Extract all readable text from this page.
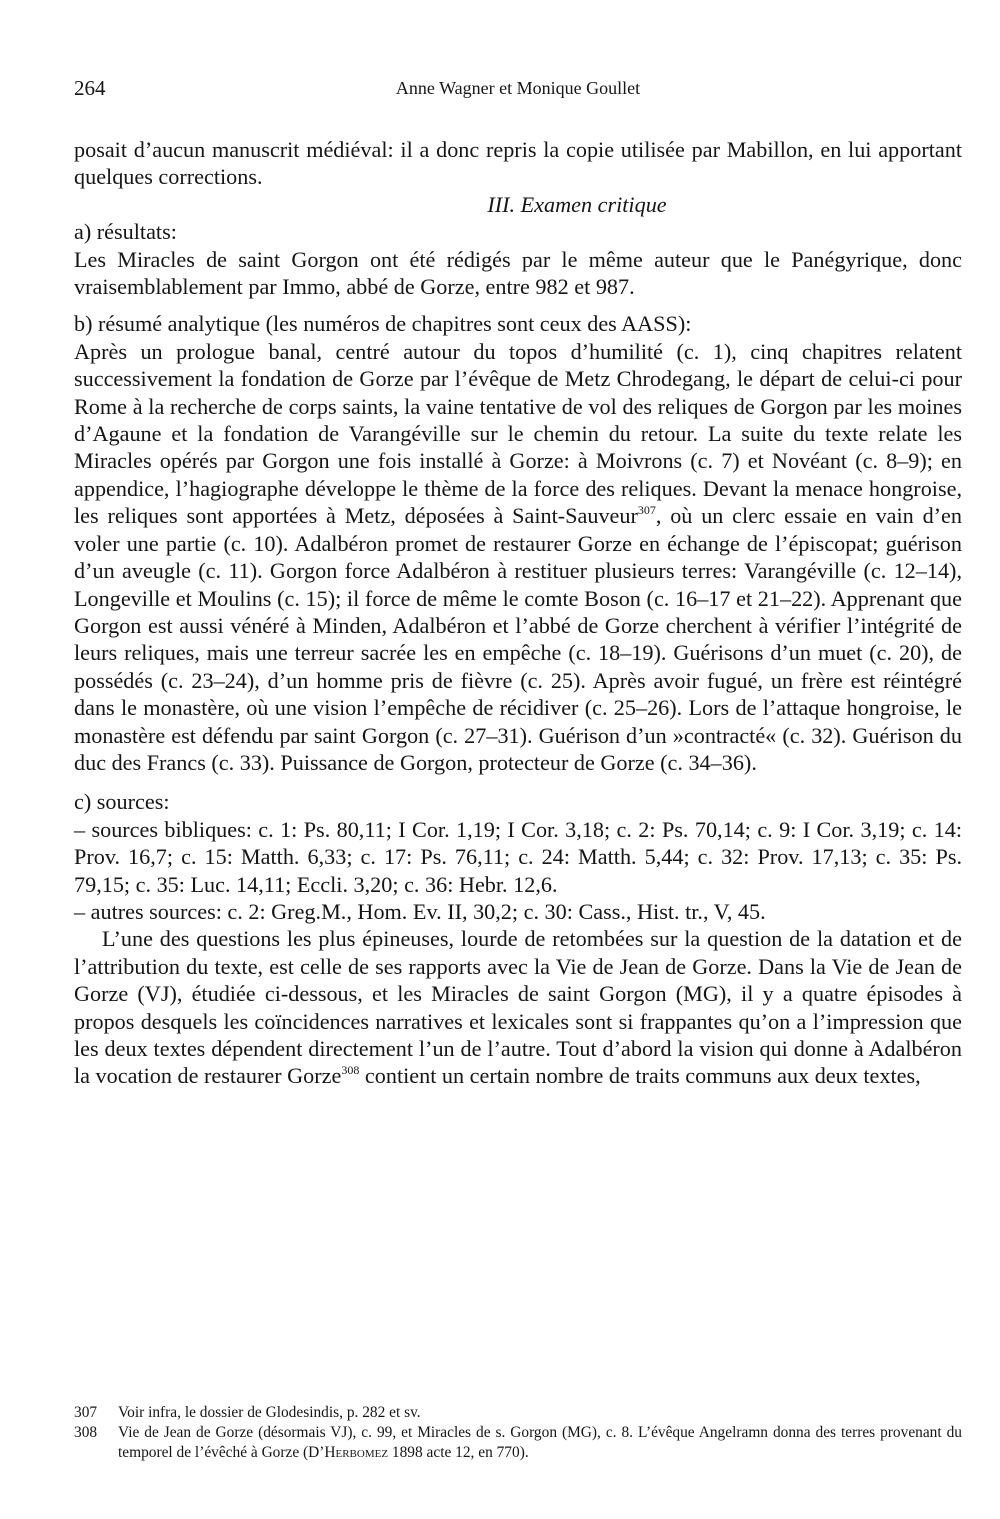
264	Anne Wagner et Monique Goullet

posait d’aucun manuscrit médiéval: il a donc repris la copie utilisée par Mabillon, en lui apportant quelques corrections.

III. Examen critique

a) résultats:

Les Miracles de saint Gorgon ont été rédigés par le même auteur que le Panégyrique, donc vraisemblablement par Immo, abbé de Gorze, entre 982 et 987.

b) résumé analytique (les numéros de chapitres sont ceux des AASS):

Après un prologue banal, centré autour du topos d’humilité (c. 1), cinq chapitres relatent successivement la fondation de Gorze par l’évêque de Metz Chrodegang, le départ de celui-ci pour Rome à la recherche de corps saints, la vaine tentative de vol des reliques de Gorgon par les moines d’Agaune et la fondation de Varangéville sur le chemin du retour. La suite du texte relate les Miracles opérés par Gorgon une fois installé à Gorze: à Moivrons (c. 7) et Novéant (c. 8–9); en appendice, l’hagiographe développe le thème de la force des reliques. Devant la menace hongroise, les reliques sont apportées à Metz, déposées à Saint-Sauveur$^{307}$, où un clerc essaie en vain d’en voler une partie (c. 10). Adalbéron promet de restaurer Gorze en échange de l’épiscopat; guérison d’un aveugle (c. 11). Gorgon force Adalbéron à restituer plusieurs terres: Varangéville (c. 12–14), Longeville et Moulins (c. 15); il force de même le comte Boson (c. 16–17 et 21–22). Apprenant que Gorgon est aussi vénéré à Minden, Adalbéron et l’abbé de Gorze cherchent à vérifier l’intégrité de leurs reliques, mais une terreur sacrée les en empêche (c. 18–19). Guérisons d’un muet (c. 20), de possédés (c. 23–24), d’un homme pris de fièvre (c. 25). Après avoir fugué, un frère est réintégré dans le monastère, où une vision l’empêche de récidiver (c. 25–26). Lors de l’attaque hongroise, le monastère est défendu par saint Gorgon (c. 27–31). Guérison d’un »contracté« (c. 32). Guérison du duc des Francs (c. 33). Puissance de Gorgon, protecteur de Gorze (c. 34–36).

c) sources:

– sources bibliques: c. 1: Ps. 80,11; I Cor. 1,19; I Cor. 3,18; c. 2: Ps. 70,14; c. 9: I Cor. 3,19; c. 14: Prov. 16,7; c. 15: Matth. 6,33; c. 17: Ps. 76,11; c. 24: Matth. 5,44; c. 32: Prov. 17,13; c. 35: Ps. 79,15; c. 35: Luc. 14,11; Eccli. 3,20; c. 36: Hebr. 12,6.

– autres sources: c. 2: Greg.M., Hom. Ev. II, 30,2; c. 30: Cass., Hist. tr., V, 45.

L’une des questions les plus épineuses, lourde de retombées sur la question de la datation et de l’attribution du texte, est celle de ses rapports avec la Vie de Jean de Gorze. Dans la Vie de Jean de Gorze (VJ), étudiée ci-dessous, et les Miracles de saint Gorgon (MG), il y a quatre épisodes à propos desquels les coïncidences narratives et lexicales sont si frappantes qu’on a l’impression que les deux textes dépendent directement l’un de l’autre. Tout d’abord la vision qui donne à Adalbéron la vocation de restaurer Gorze$^{308}$ contient un certain nombre de traits communs aux deux textes,

307 Voir infra, le dossier de Glodesindis, p. 282 et sv.
308 Vie de Jean de Gorze (désormais VJ), c. 99, et Miracles de s. Gorgon (MG), c. 8. L’évêque Angelramn donna des terres provenant du temporel de l’évêché à Gorze (D’Herbomez 1898 acte 12, en 770).
